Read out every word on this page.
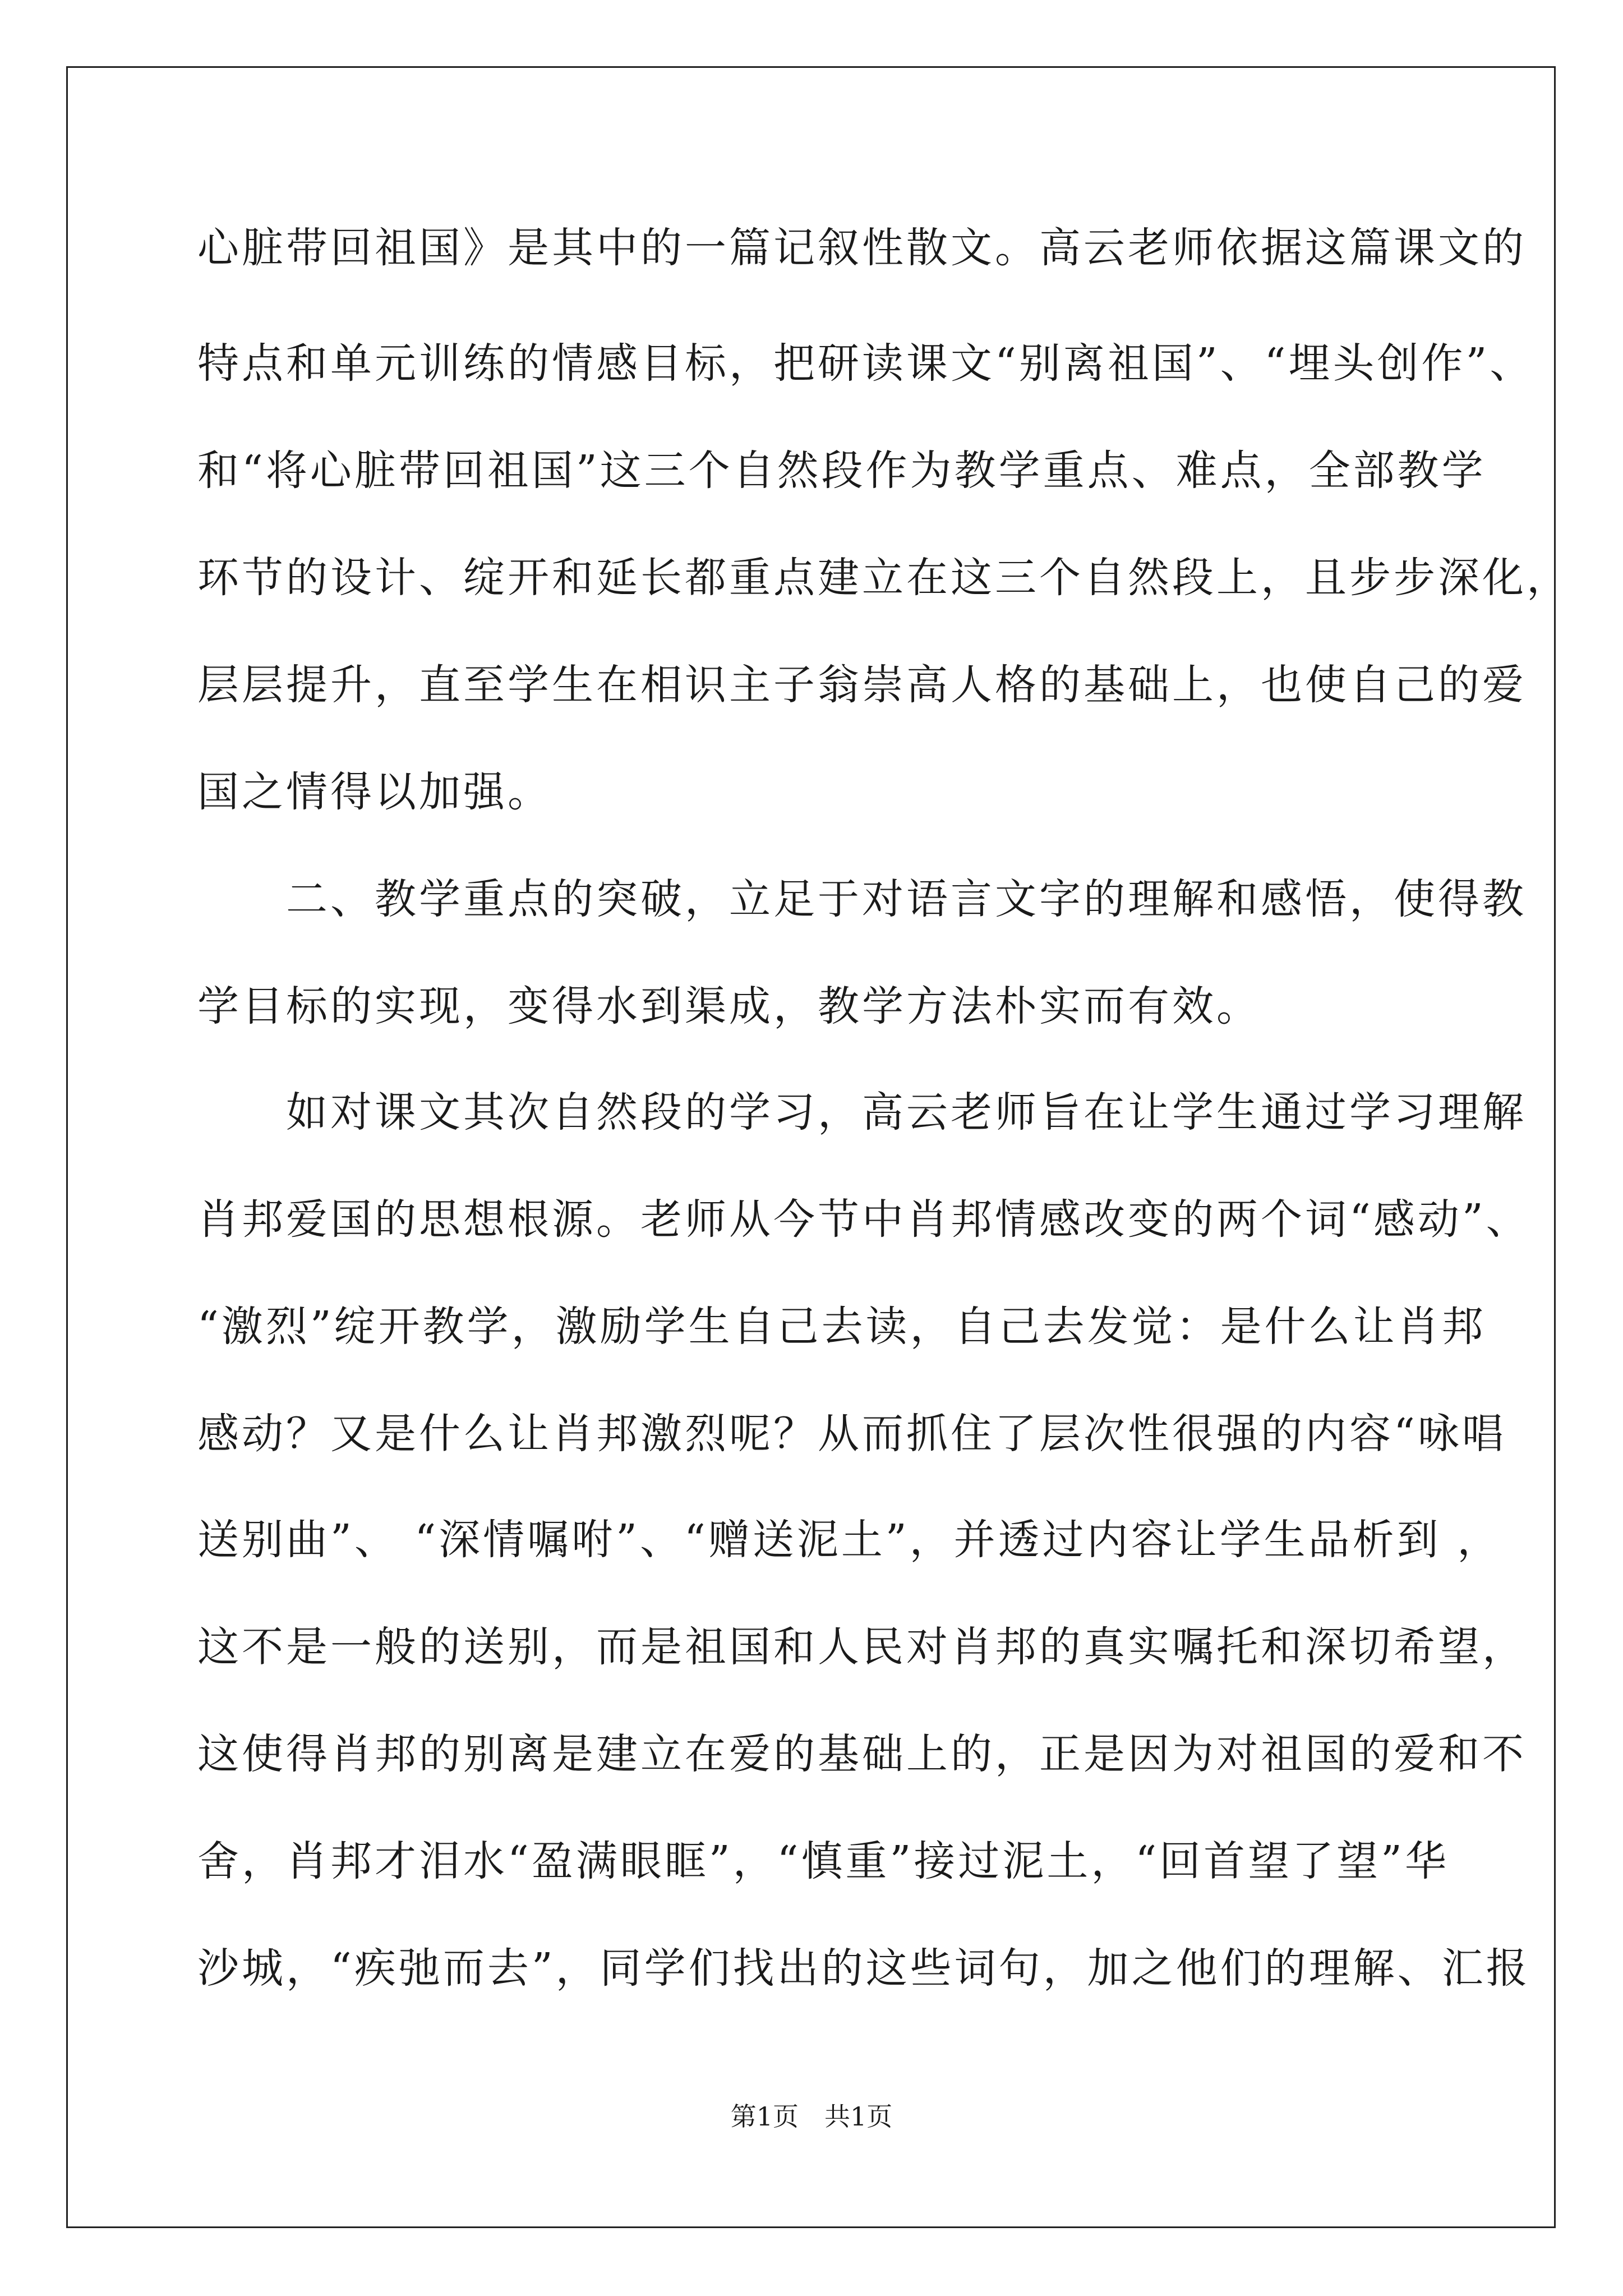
心脏带回祖国》是其中的一篇记叙性散文。高云老师依据这篇课文的
特点和单元训练的情感目标，把研读课文“别离祖国”、“埋头创作”、
和“将心脏带回祖国”这三个自然段作为教学重点、难点，全部教学
环节的设计、绽开和延长都重点建立在这三个自然段上，且步步深化，
层层提升，直至学生在相识主子翁崇高人格的基础上，也使自己的爱
国之情得以加强。
　　二、教学重点的突破，立足于对语言文字的理解和感悟，使得教
学目标的实现，变得水到渠成，教学方法朴实而有效。
　　如对课文其次自然段的学习，高云老师旨在让学生通过学习理解
肖邦爱国的思想根源。老师从今节中肖邦情感改变的两个词“感动”、
“激烈”绽开教学，激励学生自己去读，自己去发觉：是什么让肖邦
感动？又是什么让肖邦激烈呢？从而抓住了层次性很强的内容“咏唱
送别曲”、 “深情嘱咐”、“赠送泥土”，并透过内容让学生品析到 ，
这不是一般的送别，而是祖国和人民对肖邦的真实嘱托和深切希望，
这使得肖邦的别离是建立在爱的基础上的，正是因为对祖国的爱和不
舍，肖邦才泪水“盈满眼眶”，“慎重”接过泥土，“回首望了望”华
沙城，“疾弛而去”，同学们找出的这些词句，加之他们的理解、汇报
第1页　共1页
